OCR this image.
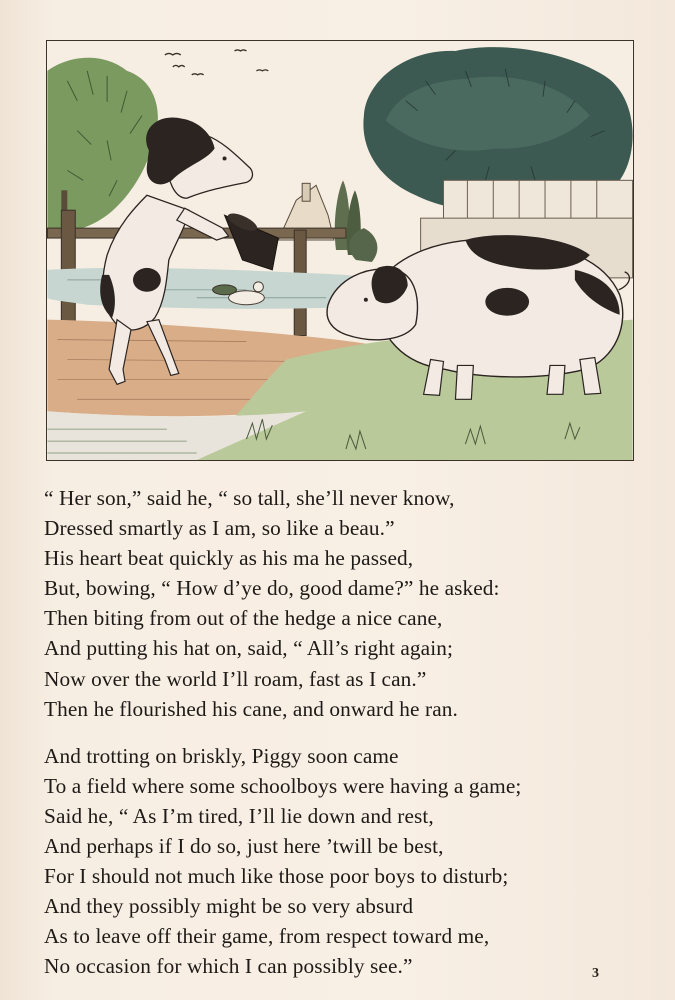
“ Her son,” said he, “ so tall, she’ll never know,
Dressed smartly as I am, so like a beau.”
His heart beat quickly as his ma he passed,
But, bowing, “ How d’ye do, good dame?” he asked:
Then biting from out of the hedge a nice cane,
And putting his hat on, said, “ All’s right again;
Now over the world I’ll roam, fast as I can.”
Then he flourished his cane, and onward he ran.

And trotting on briskly, Piggy soon came
To a field where some schoolboys were having a game;
Said he, “ As I’m tired, I’ll lie down and rest,
And perhaps if I do so, just here ’twill be best,
For I should not much like those poor boys to disturb;
And they possibly might be so very absurd
As to leave off their game, from respect toward me,
No occasion for which I can possibly see.”	3
